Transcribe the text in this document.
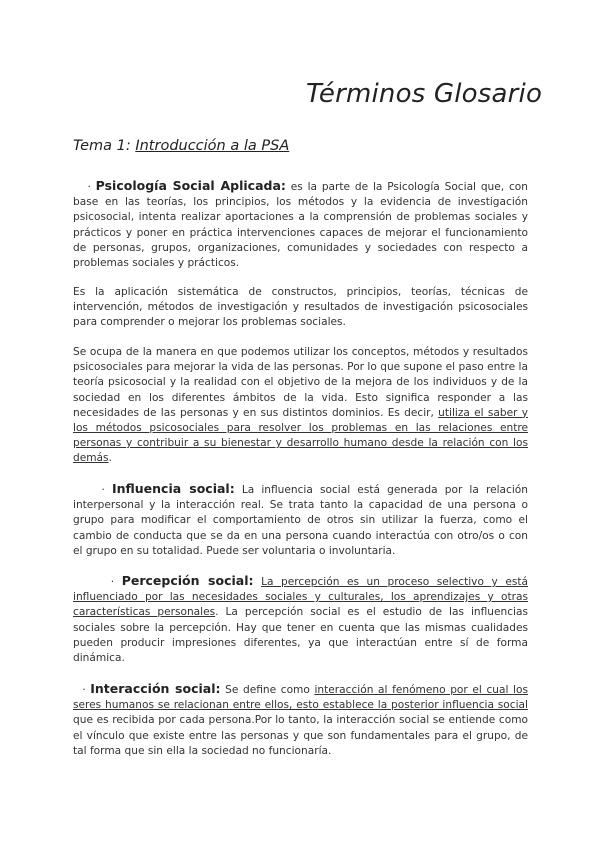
Términos Glosario

Tema 1: Introducción a la PSA

· Psicología Social Aplicada: es la parte de la Psicología Social que, con base en las teorías, los principios, los métodos y la evidencia de investigación psicosocial, intenta realizar aportaciones a la comprensión de problemas sociales y prácticos y poner en práctica intervenciones capaces de mejorar el funcionamiento de personas, grupos, organizaciones, comunidades y sociedades con respecto a problemas sociales y prácticos.

Es la aplicación sistemática de constructos, principios, teorías, técnicas de intervención, métodos de investigación y resultados de investigación psicosociales para comprender o mejorar los problemas sociales.

Se ocupa de la manera en que podemos utilizar los conceptos, métodos y resultados psicosociales para mejorar la vida de las personas. Por lo que supone el paso entre la teoría psicosocial y la realidad con el objetivo de la mejora de los individuos y de la sociedad en los diferentes ámbitos de la vida. Esto significa responder a las necesidades de las personas y en sus distintos dominios. Es decir, utiliza el saber y los métodos psicosociales para resolver los problemas en las relaciones entre personas y contribuir a su bienestar y desarrollo humano desde la relación con los demás.

· Influencia social: La influencia social está generada por la relación interpersonal y la interacción real. Se trata tanto la capacidad de una persona o grupo para modificar el comportamiento de otros sin utilizar la fuerza, como el cambio de conducta que se da en una persona cuando interactúa con otro/os o con el grupo en su totalidad. Puede ser voluntaria o involuntaria.

· Percepción social: La percepción es un proceso selectivo y está influenciado por las necesidades sociales y culturales, los aprendizajes y otras características personales. La percepción social es el estudio de las influencias sociales sobre la percepción. Hay que tener en cuenta que las mismas cualidades pueden producir impresiones diferentes, ya que interactúan entre sí de forma dinámica.

· Interacción social: Se define como interacción al fenómeno por el cual los seres humanos se relacionan entre ellos, esto establece la posterior influencia social que es recibida por cada persona.Por lo tanto, la interacción social se entiende como el vínculo que existe entre las personas y que son fundamentales para el grupo, de tal forma que sin ella la sociedad no funcionaría.
